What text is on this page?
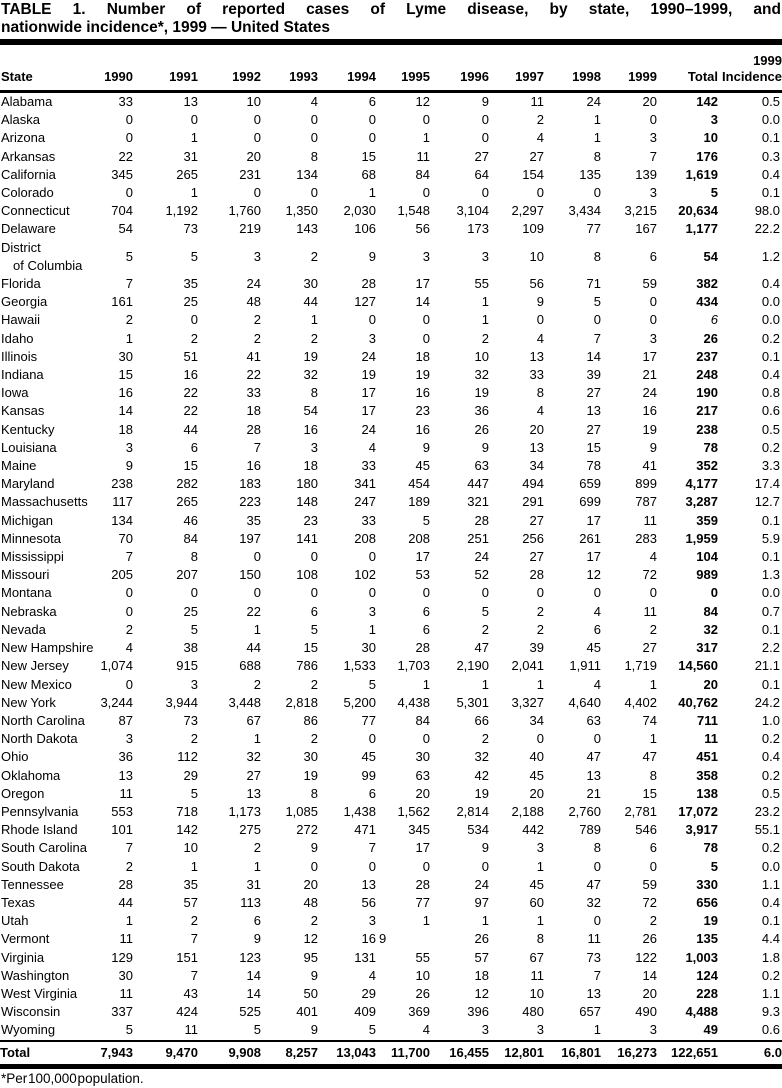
TABLE 1. Number of reported cases of Lyme disease, by state, 1990–1999, and
nationwide incidence*, 1999 — United States
State	1990	1991	1992	1993	1994	1995	1996	1997	1998	1999	Total	1999
Incidence

Alabama	33	13	10	4	6	12	9	11	24	20	142	0.5
Alaska	0	0	0	0	0	0	0	2	1	0	3	0.0
Arizona	0	1	0	0	0	1	0	4	1	3	10	0.1
Arkansas	22	31	20	8	15	11	27	27	8	7	176	0.3
California	345	265	231	134	68	84	64	154	135	139	1,619	0.4
Colorado	0	1	0	0	1	0	0	0	0	3	5	0.1
Connecticut	704	1,192	1,760	1,350	2,030	1,548	3,104	2,297	3,434	3,215	20,634	98.0
Delaware	54	73	219	143	106	56	173	109	77	167	1,177	22.2

District
of Columbia	5	5	3	2	9	3	3	10	8	6	54	1.2
Florida	7	35	24	30	28	17	55	56	71	59	382	0.4
Georgia	161	25	48	44	127	14	1	9	5	0	434	0.0
Hawaii	2	0	2	1	0	0	1	0	0	0	6	0.0
Idaho	1	2	2	2	3	0	2	4	7	3	26	0.2
Illinois	30	51	41	19	24	18	10	13	14	17	237	0.1
Indiana	15	16	22	32	19	19	32	33	39	21	248	0.4
Iowa	16	22	33	8	17	16	19	8	27	24	190	0.8
Kansas	14	22	18	54	17	23	36	4	13	16	217	0.6
Kentucky	18	44	28	16	24	16	26	20	27	19	238	0.5
Louisiana	3	6	7	3	4	9	9	13	15	9	78	0.2
Maine	9	15	16	18	33	45	63	34	78	41	352	3.3
Maryland	238	282	183	180	341	454	447	494	659	899	4,177	17.4
Massachusetts	117	265	223	148	247	189	321	291	699	787	3,287	12.7
Michigan	134	46	35	23	33	5	28	27	17	11	359	0.1
Minnesota	70	84	197	141	208	208	251	256	261	283	1,959	5.9
Mississippi	7	8	0	0	0	17	24	27	17	4	104	0.1
Missouri	205	207	150	108	102	53	52	28	12	72	989	1.3
Montana	0	0	0	0	0	0	0	0	0	0	0	0.0
Nebraska	0	25	22	6	3	6	5	2	4	11	84	0.7
Nevada	2	5	1	5	1	6	2	2	6	2	32	0.1
New Hampshire	4	38	44	15	30	28	47	39	45	27	317	2.2
New Jersey	1,074	915	688	786	1,533	1,703	2,190	2,041	1,911	1,719	14,560	21.1
New Mexico	0	3	2	2	5	1	1	1	4	1	20	0.1
New York	3,244	3,944	3,448	2,818	5,200	4,438	5,301	3,327	4,640	4,402	40,762	24.2
North Carolina	87	73	67	86	77	84	66	34	63	74	711	1.0
North Dakota	3	2	1	2	0	0	2	0	0	1	11	0.2
Ohio	36	112	32	30	45	30	32	40	47	47	451	0.4
Oklahoma	13	29	27	19	99	63	42	45	13	8	358	0.2
Oregon	11	5	13	8	6	20	19	20	21	15	138	0.5
Pennsylvania	553	718	1,173	1,085	1,438	1,562	2,814	2,188	2,760	2,781	17,072	23.2
Rhode Island	101	142	275	272	471	345	534	442	789	546	3,917	55.1
South Carolina	7	10	2	9	7	17	9	3	8	6	78	0.2
South Dakota	2	1	1	0	0	0	0	1	0	0	5	0.0
Tennessee	28	35	31	20	13	28	24	45	47	59	330	1.1
Texas	44	57	113	48	56	77	97	60	32	72	656	0.4
Utah	1	2	6	2	3	1	1	1	0	2	19	0.1
Vermont	11	7	9	12	16	9	26	8	11	26	135	4.4
Virginia	129	151	123	95	131	55	57	67	73	122	1,003	1.8
Washington	30	7	14	9	4	10	18	11	7	14	124	0.2
West Virginia	11	43	14	50	29	26	12	10	13	20	228	1.1
Wisconsin	337	424	525	401	409	369	396	480	657	490	4,488	9.3
Wyoming	5	11	5	9	5	4	3	3	1	3	49	0.6
Total	7,943	9,470	9,908	8,257	13,043	11,700	16,455	12,801	16,801	16,273	122,651	6.0
*Per 100,000 population.
